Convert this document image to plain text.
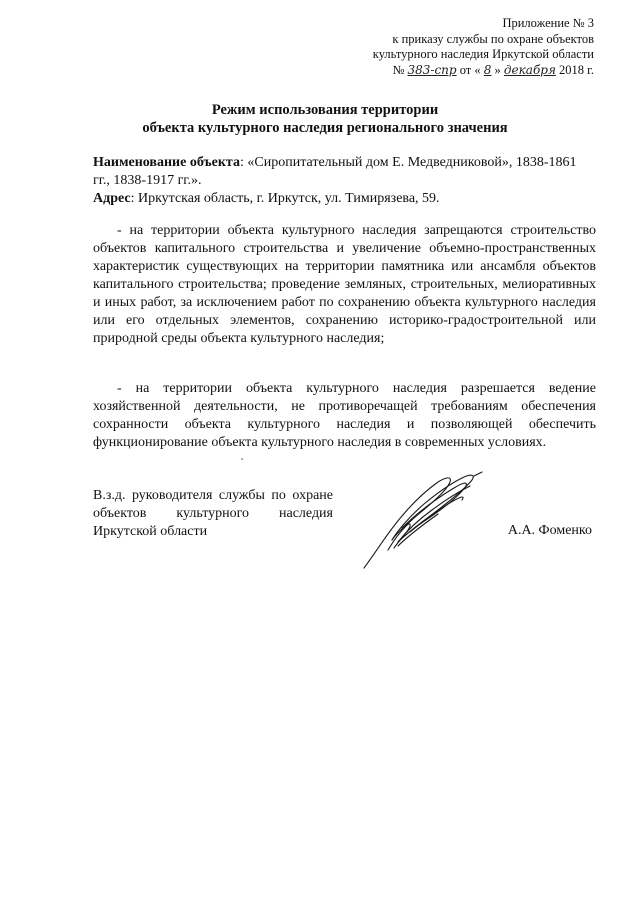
Приложение № 3
к приказу службы по охране объектов
культурного наследия Иркутской области
№ 383-спр от « 8 » декабря 2018 г.
Режим использования территории
объекта культурного наследия регионального значения

Наименование объекта: «Сиропитательный дом Е. Медведниковой», 1838-1861 гг., 1838-1917 гг.».

Адрес: Иркутская область, г. Иркутск, ул. Тимирязева, 59.

- на территории объекта культурного наследия запрещаются строительство объектов капитального строительства и увеличение объемно-пространственных характеристик существующих на территории памятника или ансамбля объектов капитального строительства; проведение земляных, строительных, мелиоративных и иных работ, за исключением работ по сохранению объекта культурного наследия или его отдельных элементов, сохранению историко-градостроительной или природной среды объекта культурного наследия;

- на территории объекта культурного наследия разрешается ведение хозяйственной деятельности, не противоречащей требованиям обеспечения сохранности объекта культурного наследия и позволяющей обеспечить функционирование объекта культурного наследия в современных условиях.

В.з.д. руководителя службы по охране объектов культурного наследия Иркутской области	А.А. Фоменко
